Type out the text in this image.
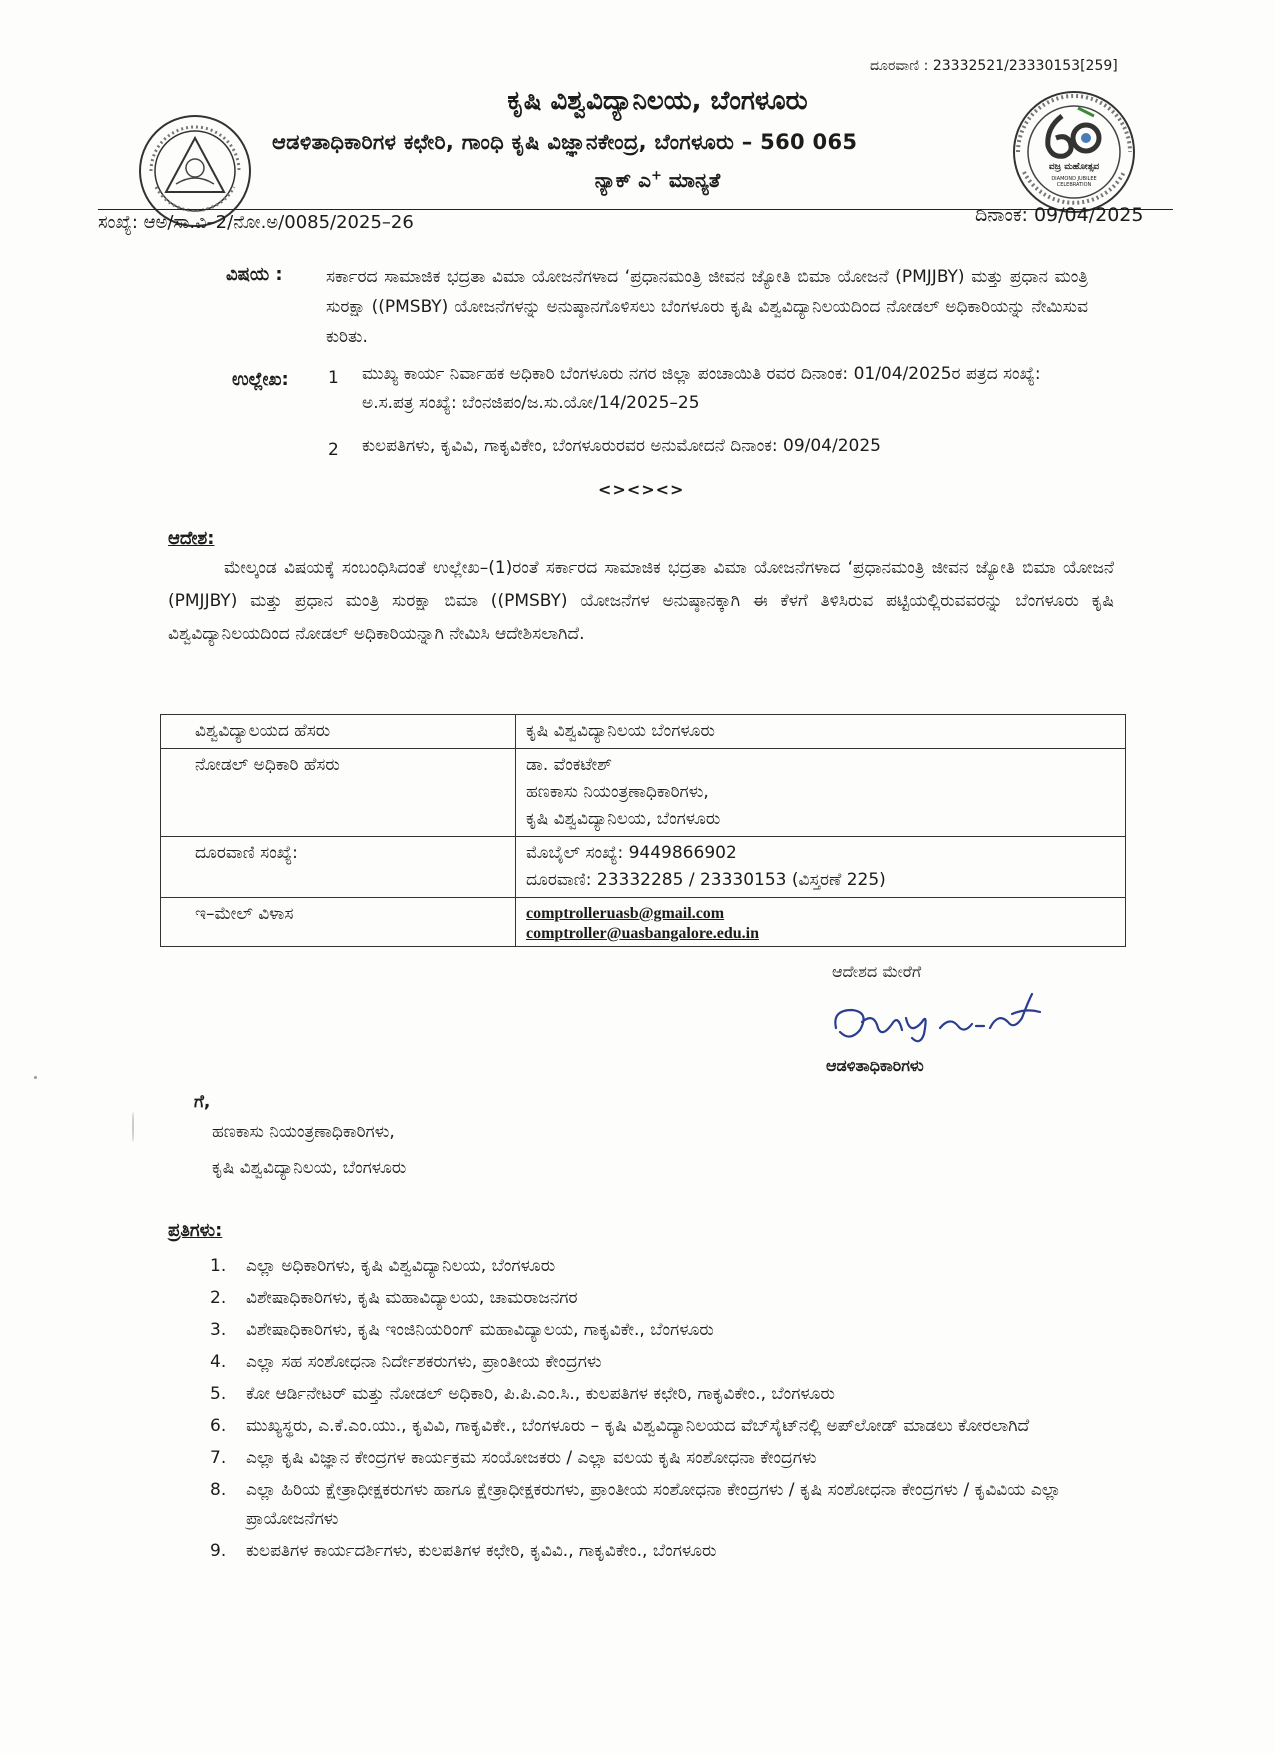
ದೂರವಾಣಿ : 23332521/23330153[259]
ಕೃಷಿ ವಿಶ್ವವಿದ್ಯಾನಿಲಯ, ಬೆಂಗಳೂರು
ಆಡಳಿತಾಧಿಕಾರಿಗಳ ಕಛೇರಿ, ಗಾಂಧಿ ಕೃಷಿ ವಿಜ್ಞಾನಕೇಂದ್ರ, ಬೆಂಗಳೂರು – 560 065
ನ್ಯಾಕ್ ಎ+ ಮಾನ್ಯತೆ
ವಜ್ರ ಮಹೋತ್ಸವ
DIAMOND JUBILEE CELEBRATION
ಸಂಖ್ಯೆ: ಆಅ/ಸಾ.ವಿ–2/ನೋ.ಅ/0085/2025–26	ದಿನಾಂಕ: 09/04/2025
ವಿಷಯ :	ಸರ್ಕಾರದ ಸಾಮಾಜಿಕ ಭದ್ರತಾ ವಿಮಾ ಯೋಜನೆಗಳಾದ ‘ಪ್ರಧಾನಮಂತ್ರಿ ಜೀವನ ಜ್ಯೋತಿ ಬಿಮಾ ಯೋಜನೆ (PMJJBY) ಮತ್ತು ಪ್ರಧಾನ ಮಂತ್ರಿ ಸುರಕ್ಷಾ ((PMSBY) ಯೋಜನೆಗಳನ್ನು ಅನುಷ್ಠಾನಗೊಳಿಸಲು ಬೆಂಗಳೂರು ಕೃಷಿ ವಿಶ್ವವಿದ್ಯಾನಿಲಯದಿಂದ ನೋಡಲ್ ಅಧಿಕಾರಿಯನ್ನು ನೇಮಿಸುವ ಕುರಿತು.
ಉಲ್ಲೇಖ: 1 ಮುಖ್ಯ ಕಾರ್ಯ ನಿರ್ವಾಹಕ ಅಧಿಕಾರಿ ಬೆಂಗಳೂರು ನಗರ ಜಿಲ್ಲಾ ಪಂಚಾಯಿತಿ ರವರ ದಿನಾಂಕ: 01/04/2025ರ ಪತ್ರದ ಸಂಖ್ಯೆ: ಅ.ಸ.ಪತ್ರ ಸಂಖ್ಯೆ: ಬೆಂನಜಿಪಂ/ಜ.ಸು.ಯೋ/14/2025–25
2 ಕುಲಪತಿಗಳು, ಕೃವಿವಿ, ಗಾಕೃವಿಕೇಂ, ಬೆಂಗಳೂರುರವರ ಅನುಮೋದನೆ ದಿನಾಂಕ: 09/04/2025
<><><>
ಆದೇಶ:
ಮೇಲ್ಕಂಡ ವಿಷಯಕ್ಕೆ ಸಂಬಂಧಿಸಿದಂತೆ ಉಲ್ಲೇಖ–(1)ರಂತೆ ಸರ್ಕಾರದ ಸಾಮಾಜಿಕ ಭದ್ರತಾ ವಿಮಾ ಯೋಜನೆಗಳಾದ ‘ಪ್ರಧಾನಮಂತ್ರಿ ಜೀವನ ಜ್ಯೋತಿ ಬಿಮಾ ಯೋಜನೆ (PMJJBY) ಮತ್ತು ಪ್ರಧಾನ ಮಂತ್ರಿ ಸುರಕ್ಷಾ ಬಿಮಾ ((PMSBY) ಯೋಜನೆಗಳ ಅನುಷ್ಠಾನಕ್ಕಾಗಿ ಈ ಕೆಳಗೆ ತಿಳಿಸಿರುವ ಪಟ್ಟಿಯಲ್ಲಿರುವವರನ್ನು ಬೆಂಗಳೂರು ಕೃಷಿ ವಿಶ್ವವಿದ್ಯಾನಿಲಯದಿಂದ ನೋಡಲ್ ಅಧಿಕಾರಿಯನ್ನಾಗಿ ನೇಮಿಸಿ ಆದೇಶಿಸಲಾಗಿದೆ.
ವಿಶ್ವವಿದ್ಯಾಲಯದ ಹೆಸರು	ಕೃಷಿ ವಿಶ್ವವಿದ್ಯಾನಿಲಯ ಬೆಂಗಳೂರು

ನೋಡಲ್ ಅಧಿಕಾರಿ ಹೆಸರು	ಡಾ. ವೆಂಕಟೇಶ್
ಹಣಕಾಸು ನಿಯಂತ್ರಣಾಧಿಕಾರಿಗಳು,
ಕೃಷಿ ವಿಶ್ವವಿದ್ಯಾನಿಲಯ, ಬೆಂಗಳೂರು

ದೂರವಾಣಿ ಸಂಖ್ಯೆ:	ಮೊಬೈಲ್ ಸಂಖ್ಯೆ: 9449866902
ದೂರವಾಣಿ: 23332285 / 23330153 (ವಿಸ್ತರಣೆ 225)

ಇ–ಮೇಲ್ ವಿಳಾಸ	comptrolleruasb@gmail.com
comptroller@uasbangalore.edu.in
ಆದೇಶದ ಮೇರೆಗೆ
ಆಡಳಿತಾಧಿಕಾರಿಗಳು
ಗೆ,
ಹಣಕಾಸು ನಿಯಂತ್ರಣಾಧಿಕಾರಿಗಳು,
ಕೃಷಿ ವಿಶ್ವವಿದ್ಯಾನಿಲಯ, ಬೆಂಗಳೂರು
ಪ್ರತಿಗಳು:
1.	ಎಲ್ಲಾ ಅಧಿಕಾರಿಗಳು, ಕೃಷಿ ವಿಶ್ವವಿದ್ಯಾನಿಲಯ, ಬೆಂಗಳೂರು
2.	ವಿಶೇಷಾಧಿಕಾರಿಗಳು, ಕೃಷಿ ಮಹಾವಿದ್ಯಾಲಯ, ಚಾಮರಾಜನಗರ
3.	ವಿಶೇಷಾಧಿಕಾರಿಗಳು, ಕೃಷಿ ಇಂಜಿನಿಯರಿಂಗ್ ಮಹಾವಿದ್ಯಾಲಯ, ಗಾಕೃವಿಕೇ., ಬೆಂಗಳೂರು
4.	ಎಲ್ಲಾ ಸಹ ಸಂಶೋಧನಾ ನಿರ್ದೇಶಕರುಗಳು, ಪ್ರಾಂತೀಯ ಕೇಂದ್ರಗಳು
5.	ಕೋ ಆರ್ಡಿನೇಟರ್ ಮತ್ತು ನೋಡಲ್ ಅಧಿಕಾರಿ, ಪಿ.ಪಿ.ಎಂ.ಸಿ., ಕುಲಪತಿಗಳ ಕಛೇರಿ, ಗಾಕೃವಿಕೇಂ., ಬೆಂಗಳೂರು
6.	ಮುಖ್ಯಸ್ಥರು, ಎ.ಕೆ.ಎಂ.ಯು., ಕೃವಿವಿ, ಗಾಕೃವಿಕೇ., ಬೆಂಗಳೂರು – ಕೃಷಿ ವಿಶ್ವವಿದ್ಯಾನಿಲಯದ ವೆಬ್‌ಸೈಟ್‌ನಲ್ಲಿ ಅಪ್‌ಲೋಡ್ ಮಾಡಲು ಕೋರಲಾಗಿದೆ
7.	ಎಲ್ಲಾ ಕೃಷಿ ವಿಜ್ಞಾನ ಕೇಂದ್ರಗಳ ಕಾರ್ಯಕ್ರಮ ಸಂಯೋಜಕರು / ಎಲ್ಲಾ ವಲಯ ಕೃಷಿ ಸಂಶೋಧನಾ ಕೇಂದ್ರಗಳು
8.	ಎಲ್ಲಾ ಹಿರಿಯ ಕ್ಷೇತ್ರಾಧೀಕ್ಷಕರುಗಳು ಹಾಗೂ ಕ್ಷೇತ್ರಾಧೀಕ್ಷಕರುಗಳು, ಪ್ರಾಂತೀಯ ಸಂಶೋಧನಾ ಕೇಂದ್ರಗಳು / ಕೃಷಿ ಸಂಶೋಧನಾ ಕೇಂದ್ರಗಳು / ಕೃವಿವಿಯ ಎಲ್ಲಾ ಪ್ರಾಯೋಜನೆಗಳು
9.	ಕುಲಪತಿಗಳ ಕಾರ್ಯದರ್ಶಿಗಳು, ಕುಲಪತಿಗಳ ಕಛೇರಿ, ಕೃವಿವಿ., ಗಾಕೃವಿಕೇಂ., ಬೆಂಗಳೂರು
